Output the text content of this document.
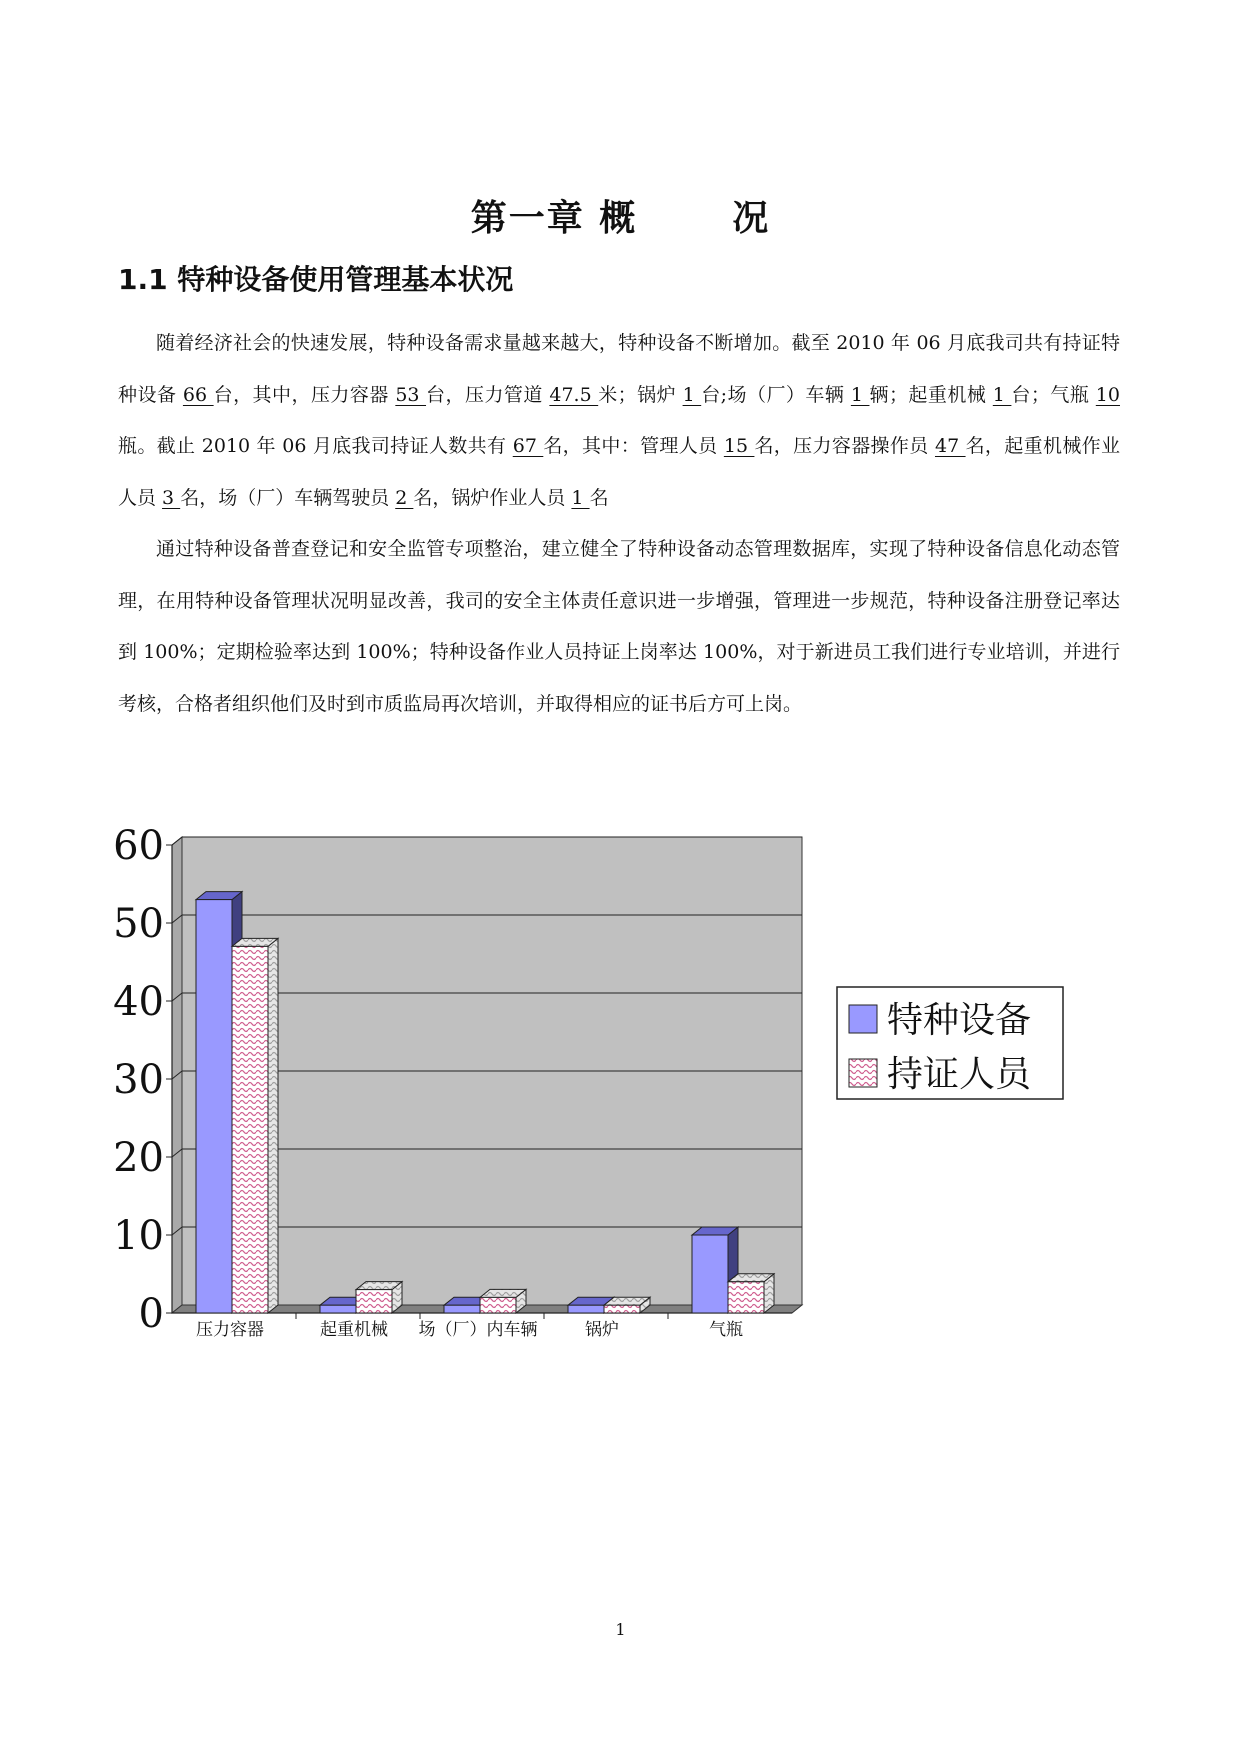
第一章 概	况
1.1 特种设备使用管理基本状况

随着经济社会的快速发展，特种设备需求量越来越大，特种设备不断增加。截至 2010 年 06 月底我司共有持证特种设备 66 台，其中，压力容器 53 台，压力管道 47.5 米；锅炉 1 台;场（厂）车辆 1 辆；起重机械 1 台；气瓶 10 瓶。截止 2010 年 06 月底我司持证人数共有 67 名，其中：管理人员 15 名，压力容器操作员 47 名，起重机械作业人员 3 名，场（厂）车辆驾驶员 2 名，锅炉作业人员 1 名

通过特种设备普查登记和安全监管专项整治，建立健全了特种设备动态管理数据库，实现了特种设备信息化动态管理，在用特种设备管理状况明显改善，我司的安全主体责任意识进一步增强，管理进一步规范，特种设备注册登记率达到 100%；定期检验率达到 100%；特种设备作业人员持证上岗率达 100%，对于新进员工我们进行专业培训，并进行考核，合格者组织他们及时到市质监局再次培训，并取得相应的证书后方可上岗。

0
10
20
30
40
50
60
压力容器	起重机械 场（厂）内车辆	锅炉	气瓶
特种设备
持证人员

1
